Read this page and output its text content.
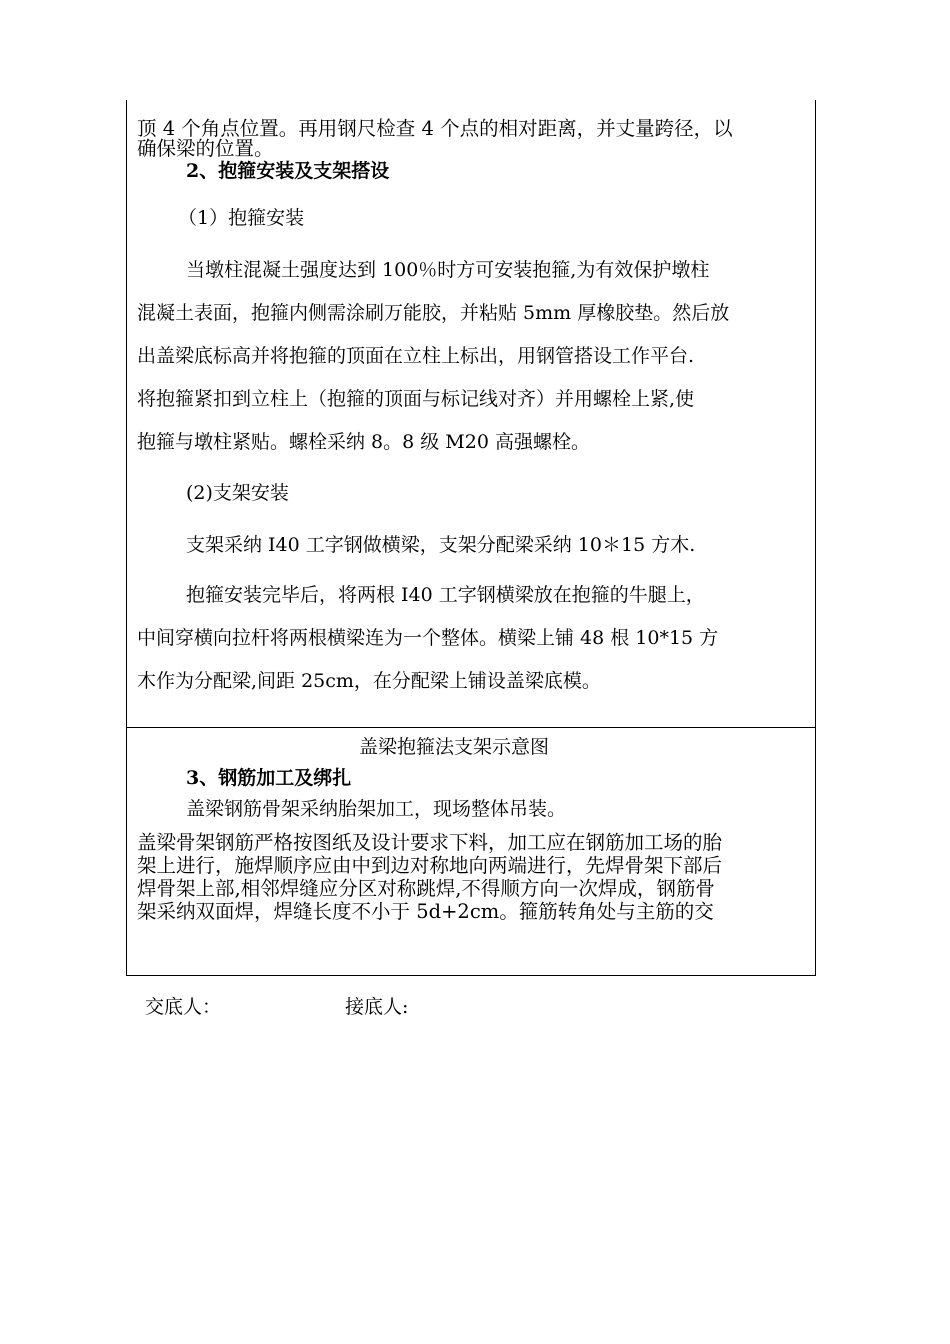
顶 4 个角点位置。再用钢尺检查 4 个点的相对距离，并丈量跨径，以
确保梁的位置。
2、抱箍安装及支架搭设
（1）抱箍安装
当墩柱混凝土强度达到 100％时方可安装抱箍,为有效保护墩柱
混凝土表面，抱箍内侧需涂刷万能胶，并粘贴 5mm 厚橡胶垫。然后放
出盖梁底标高并将抱箍的顶面在立柱上标出，用钢管搭设工作平台.
将抱箍紧扣到立柱上（抱箍的顶面与标记线对齐）并用螺栓上紧,使
抱箍与墩柱紧贴。螺栓采纳 8。8 级 M20 高强螺栓。
(2)支架安装
支架采纳 I40 工字钢做横梁，支架分配梁采纳 10＊15 方木.
抱箍安装完毕后，将两根 I40 工字钢横梁放在抱箍的牛腿上，
中间穿横向拉杆将两根横梁连为一个整体。横梁上铺 48 根 10*15 方
木作为分配梁,间距 25cm，在分配梁上铺设盖梁底模。
盖梁抱箍法支架示意图
3、钢筋加工及绑扎
盖梁钢筋骨架采纳胎架加工，现场整体吊装。
盖梁骨架钢筋严格按图纸及设计要求下料，加工应在钢筋加工场的胎
架上进行，施焊顺序应由中到边对称地向两端进行，先焊骨架下部后
焊骨架上部,相邻焊缝应分区对称跳焊,不得顺方向一次焊成，钢筋骨
架采纳双面焊，焊缝长度不小于 5d+2cm。箍筋转角处与主筋的交
交底人：	接底人:
